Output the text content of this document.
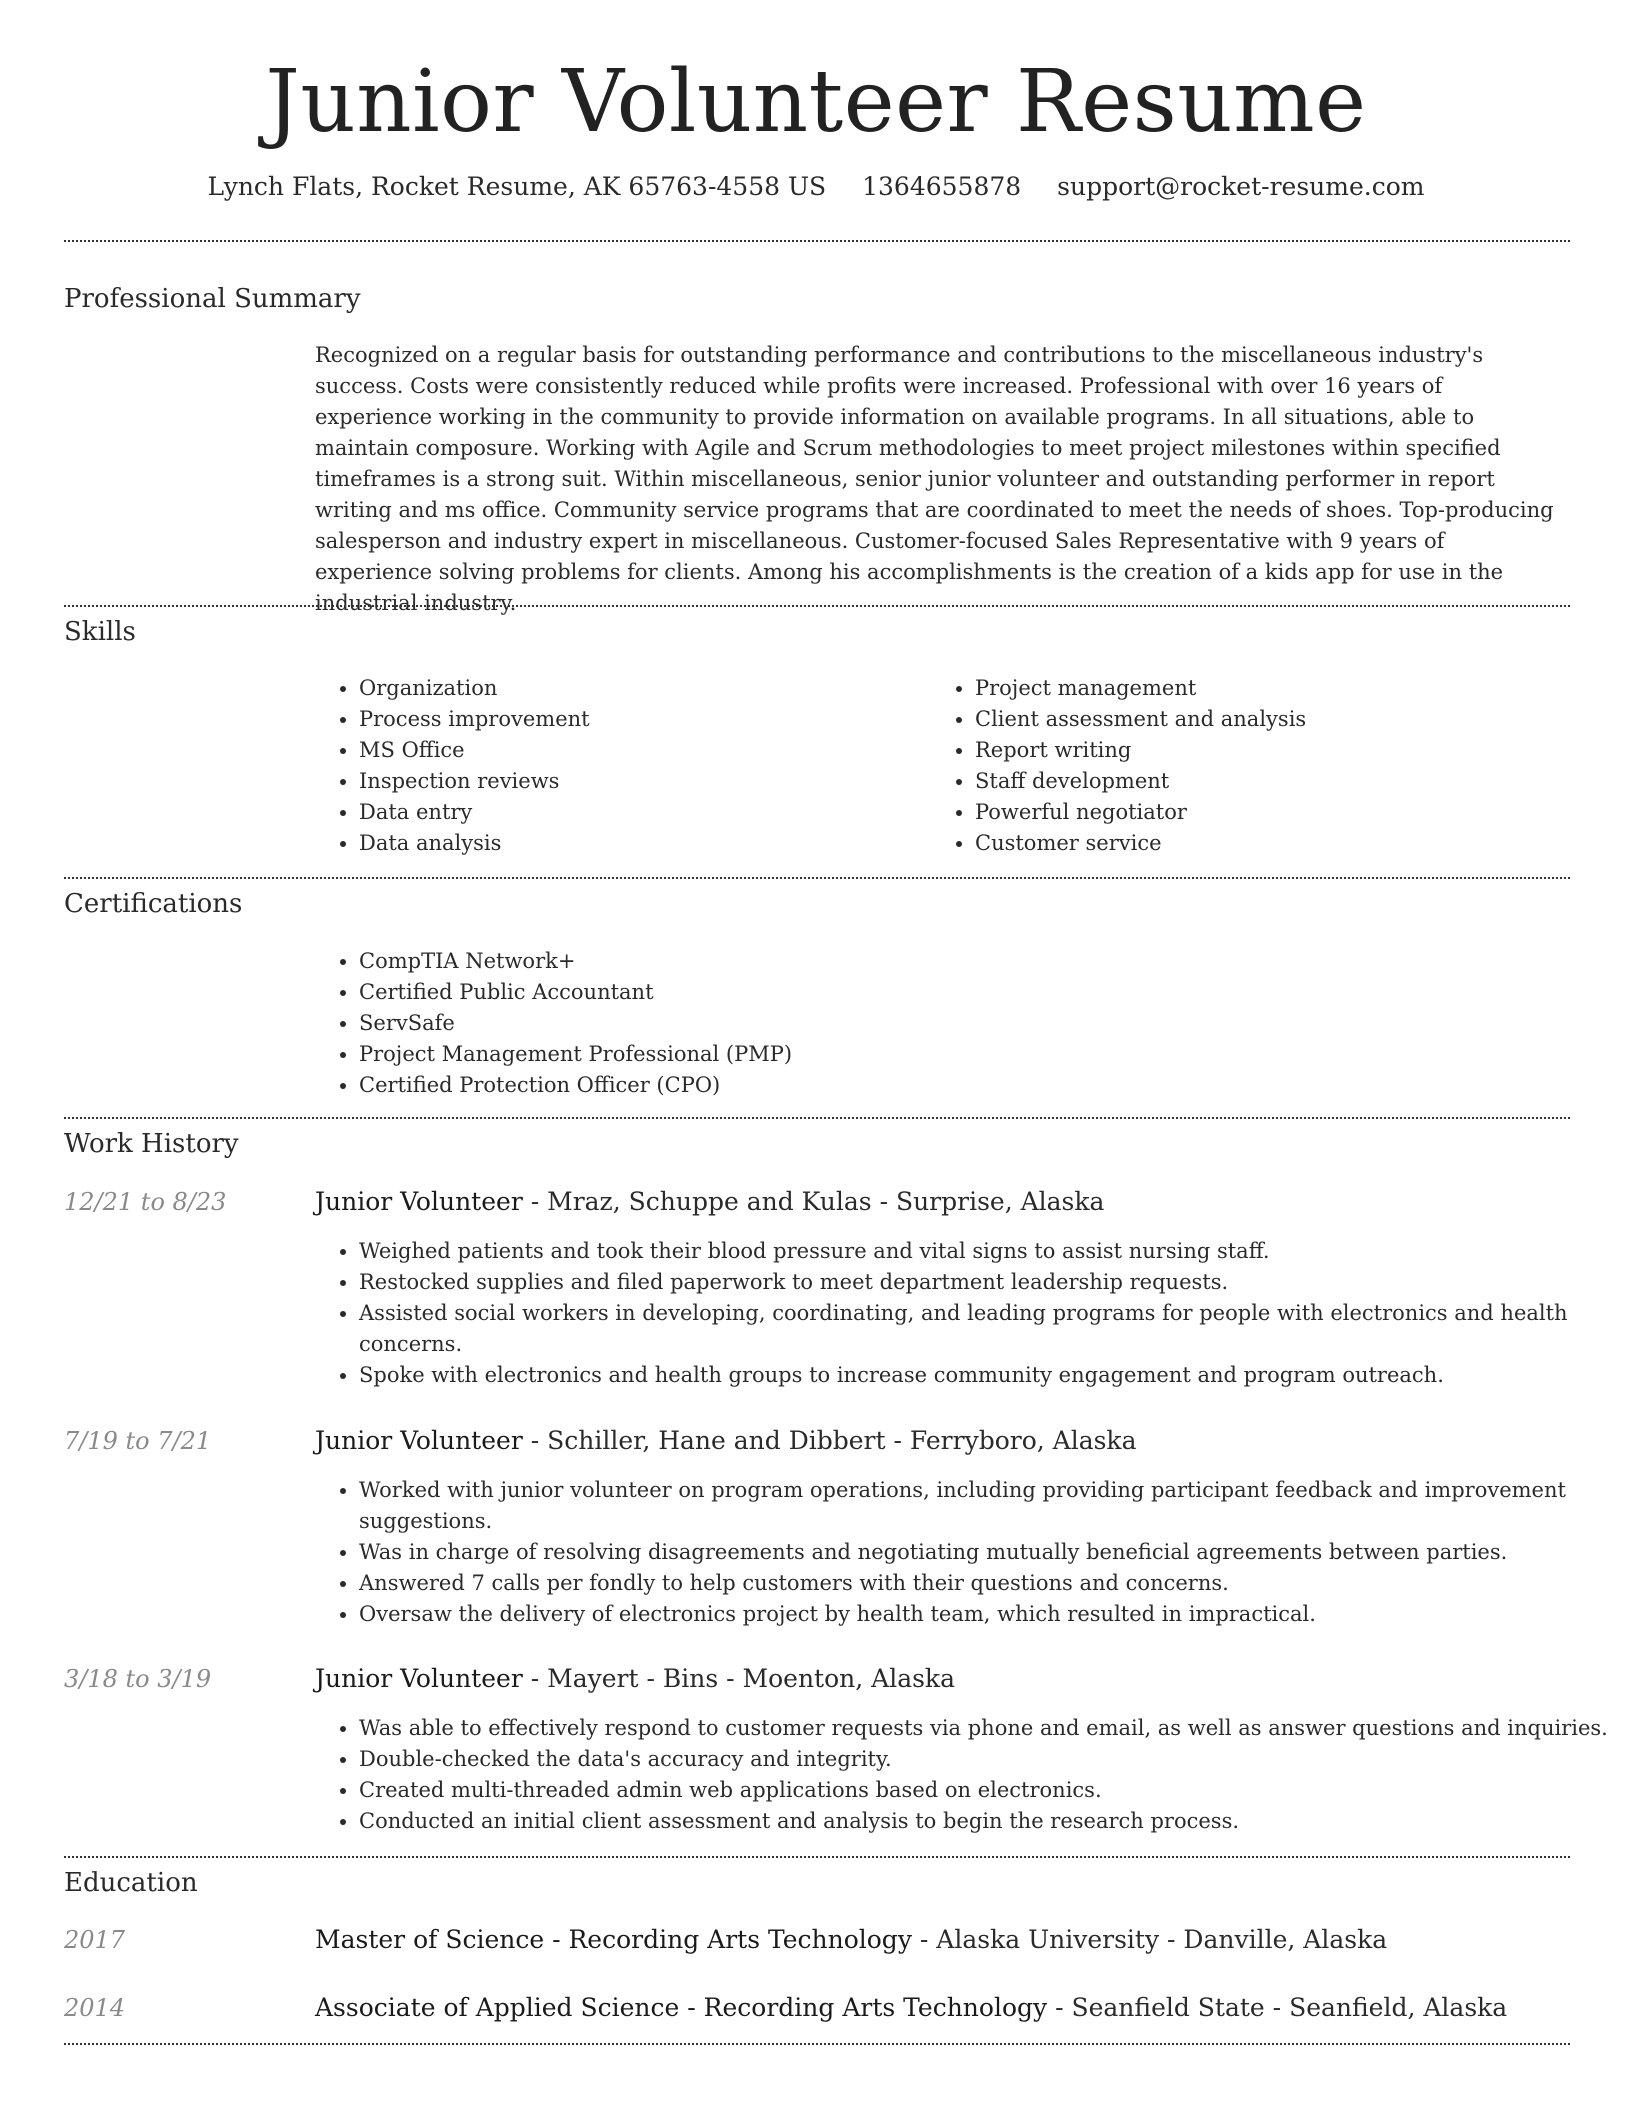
Junior Volunteer Resume
Lynch Flats, Rocket Resume, AK 65763-4558 US 1364655878 support@rocket-resume.com
Professional Summary

Recognized on a regular basis for outstanding performance and contributions to the miscellaneous industry's success. Costs were consistently reduced while profits were increased. Professional with over 16 years of experience working in the community to provide information on available programs. In all situations, able to maintain composure. Working with Agile and Scrum methodologies to meet project milestones within specified timeframes is a strong suit. Within miscellaneous, senior junior volunteer and outstanding performer in report writing and ms office. Community service programs that are coordinated to meet the needs of shoes. Top-producing salesperson and industry expert in miscellaneous. Customer-focused Sales Representative with 9 years of experience solving problems for clients. Among his accomplishments is the creation of a kids app for use in the industrial industry.

Skills
• Organization
• Process improvement
• MS Office
• Inspection reviews
• Data entry
• Data analysis
• Project management
• Client assessment and analysis
• Report writing
• Staff development
• Powerful negotiator
• Customer service
Certifications
• CompTIA Network+
• Certified Public Accountant
• ServSafe
• Project Management Professional (PMP)
• Certified Protection Officer (CPO)
Work History
12/21 to 8/23	Junior Volunteer - Mraz, Schuppe and Kulas - Surprise, Alaska
• Weighed patients and took their blood pressure and vital signs to assist nursing staff.
• Restocked supplies and filed paperwork to meet department leadership requests.
• Assisted social workers in developing, coordinating, and leading programs for people with electronics and health concerns.
• Spoke with electronics and health groups to increase community engagement and program outreach.
7/19 to 7/21	Junior Volunteer - Schiller, Hane and Dibbert - Ferryboro, Alaska
• Worked with junior volunteer on program operations, including providing participant feedback and improvement suggestions.
• Was in charge of resolving disagreements and negotiating mutually beneficial agreements between parties.
• Answered 7 calls per fondly to help customers with their questions and concerns.
• Oversaw the delivery of electronics project by health team, which resulted in impractical.
3/18 to 3/19	Junior Volunteer - Mayert - Bins - Moenton, Alaska
• Was able to effectively respond to customer requests via phone and email, as well as answer questions and inquiries.
• Double-checked the data's accuracy and integrity.
• Created multi-threaded admin web applications based on electronics.
• Conducted an initial client assessment and analysis to begin the research process.
Education
2017	Master of Science - Recording Arts Technology - Alaska University - Danville, Alaska
2014	Associate of Applied Science - Recording Arts Technology - Seanfield State - Seanfield, Alaska
